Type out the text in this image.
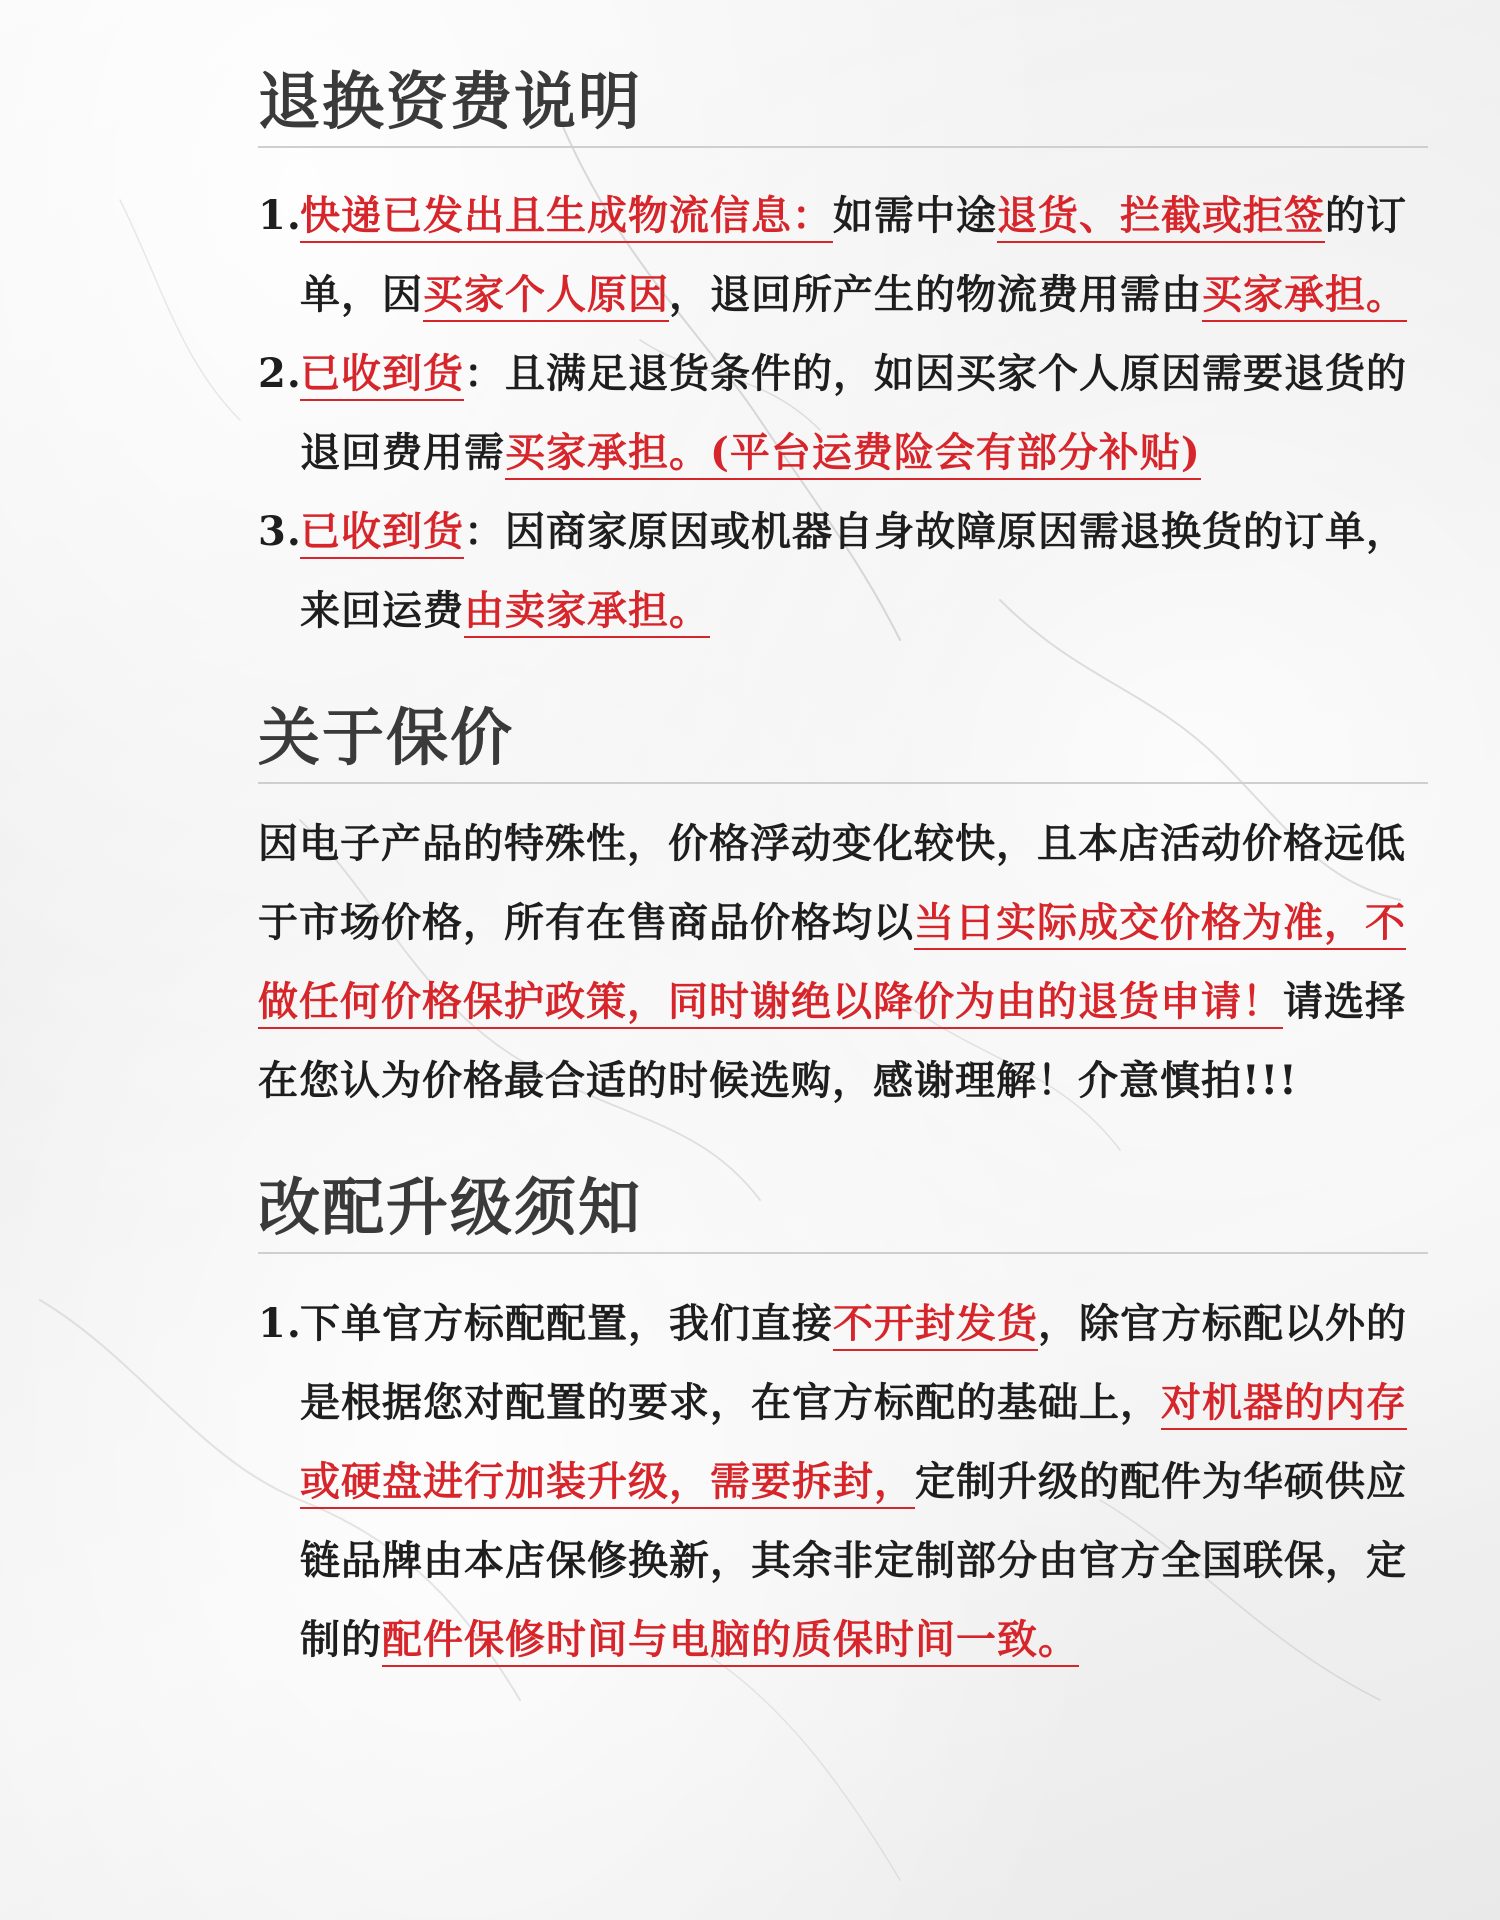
退换资费说明
1.
快递已发出且生成物流信息：如需中途退货、拦截或拒签的订单，因买家个人原因，退回所产生的物流费用需由买家承担。
2.
已收到货：且满足退货条件的，如因买家个人原因需要退货的退回费用需买家承担。(平台运费险会有部分补贴)
3.
已收到货：因商家原因或机器自身故障原因需退换货的订单，来回运费由卖家承担。
关于保价
因电子产品的特殊性，价格浮动变化较快，且本店活动价格远低于市场价格，所有在售商品价格均以当日实际成交价格为准，不做任何价格保护政策，同时谢绝以降价为由的退货申请！请选择在您认为价格最合适的时候选购，感谢理解！介意慎拍!!!
改配升级须知
1.
下单官方标配配置，我们直接不开封发货，除官方标配以外的是根据您对配置的要求，在官方标配的基础上，对机器的内存或硬盘进行加装升级，需要拆封，定制升级的配件为华硕供应链品牌由本店保修换新，其余非定制部分由官方全国联保，定制的配件保修时间与电脑的质保时间一致。
